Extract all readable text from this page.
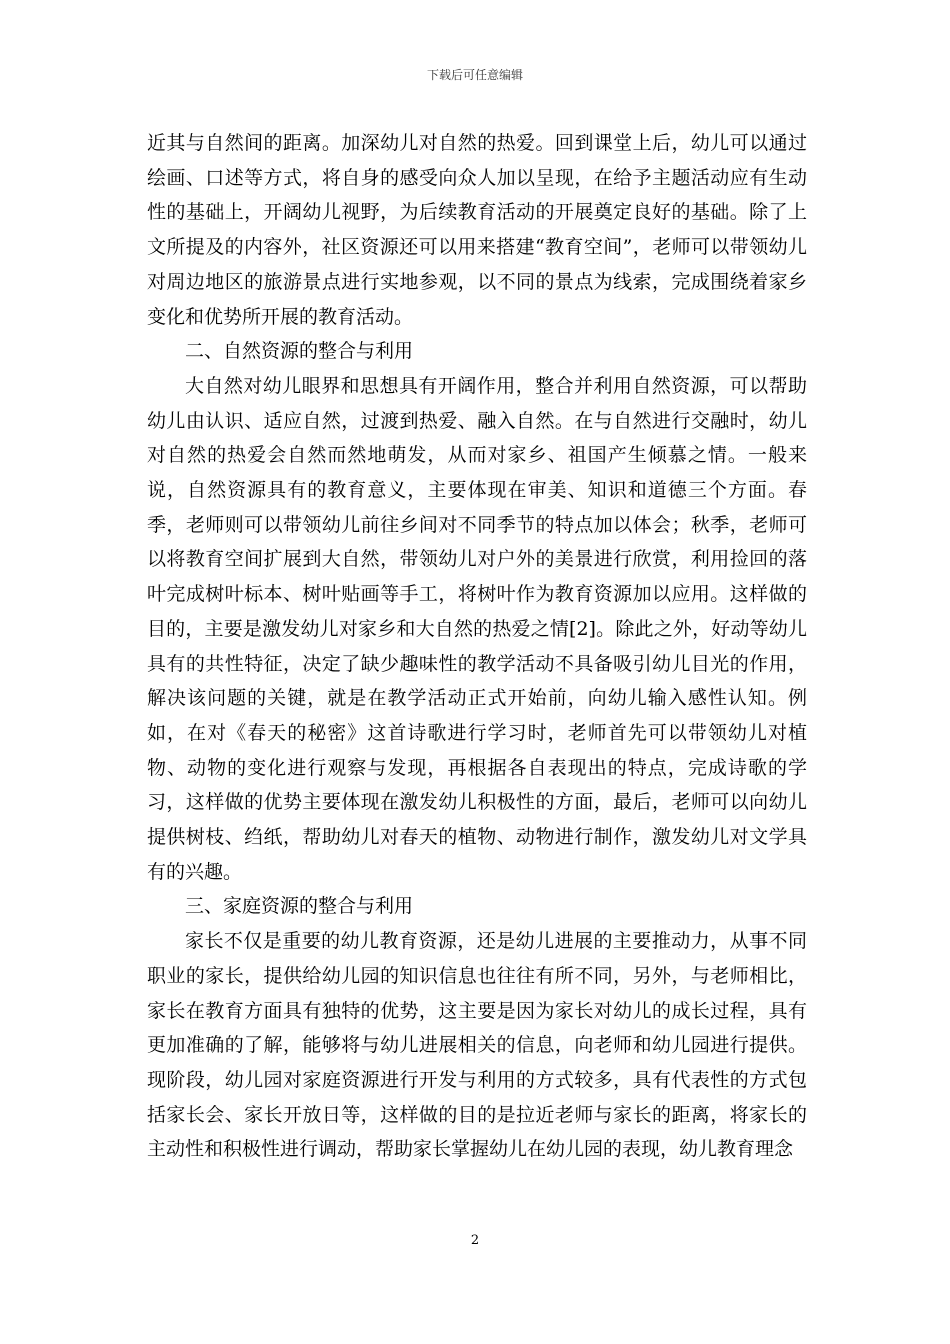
下载后可任意编辑

近其与自然间的距离。加深幼儿对自然的热爱。回到课堂上后，幼儿可以通过绘画、口述等方式，将自身的感受向众人加以呈现，在给予主题活动应有生动性的基础上，开阔幼儿视野，为后续教育活动的开展奠定良好的基础。除了上文所提及的内容外，社区资源还可以用来搭建“教育空间”，老师可以带领幼儿对周边地区的旅游景点进行实地参观，以不同的景点为线索，完成围绕着家乡变化和优势所开展的教育活动。

二、自然资源的整合与利用

大自然对幼儿眼界和思想具有开阔作用，整合并利用自然资源，可以帮助幼儿由认识、适应自然，过渡到热爱、融入自然。在与自然进行交融时，幼儿对自然的热爱会自然而然地萌发，从而对家乡、祖国产生倾慕之情。一般来说，自然资源具有的教育意义，主要体现在审美、知识和道德三个方面。春季，老师则可以带领幼儿前往乡间对不同季节的特点加以体会；秋季，老师可以将教育空间扩展到大自然，带领幼儿对户外的美景进行欣赏，利用捡回的落叶完成树叶标本、树叶贴画等手工，将树叶作为教育资源加以应用。这样做的目的，主要是激发幼儿对家乡和大自然的热爱之情[2]。除此之外，好动等幼儿具有的共性特征，决定了缺少趣味性的教学活动不具备吸引幼儿目光的作用，解决该问题的关键，就是在教学活动正式开始前，向幼儿输入感性认知。例如，在对《春天的秘密》这首诗歌进行学习时，老师首先可以带领幼儿对植物、动物的变化进行观察与发现，再根据各自表现出的特点，完成诗歌的学习，这样做的优势主要体现在激发幼儿积极性的方面，最后，老师可以向幼儿提供树枝、绉纸，帮助幼儿对春天的植物、动物进行制作，激发幼儿对文学具有的兴趣。

三、家庭资源的整合与利用

家长不仅是重要的幼儿教育资源，还是幼儿进展的主要推动力，从事不同职业的家长，提供给幼儿园的知识信息也往往有所不同，另外，与老师相比，家长在教育方面具有独特的优势，这主要是因为家长对幼儿的成长过程，具有更加准确的了解，能够将与幼儿进展相关的信息，向老师和幼儿园进行提供。现阶段，幼儿园对家庭资源进行开发与利用的方式较多，具有代表性的方式包括家长会、家长开放日等，这样做的目的是拉近老师与家长的距离，将家长的主动性和积极性进行调动，帮助家长掌握幼儿在幼儿园的表现，幼儿教育理念

2
